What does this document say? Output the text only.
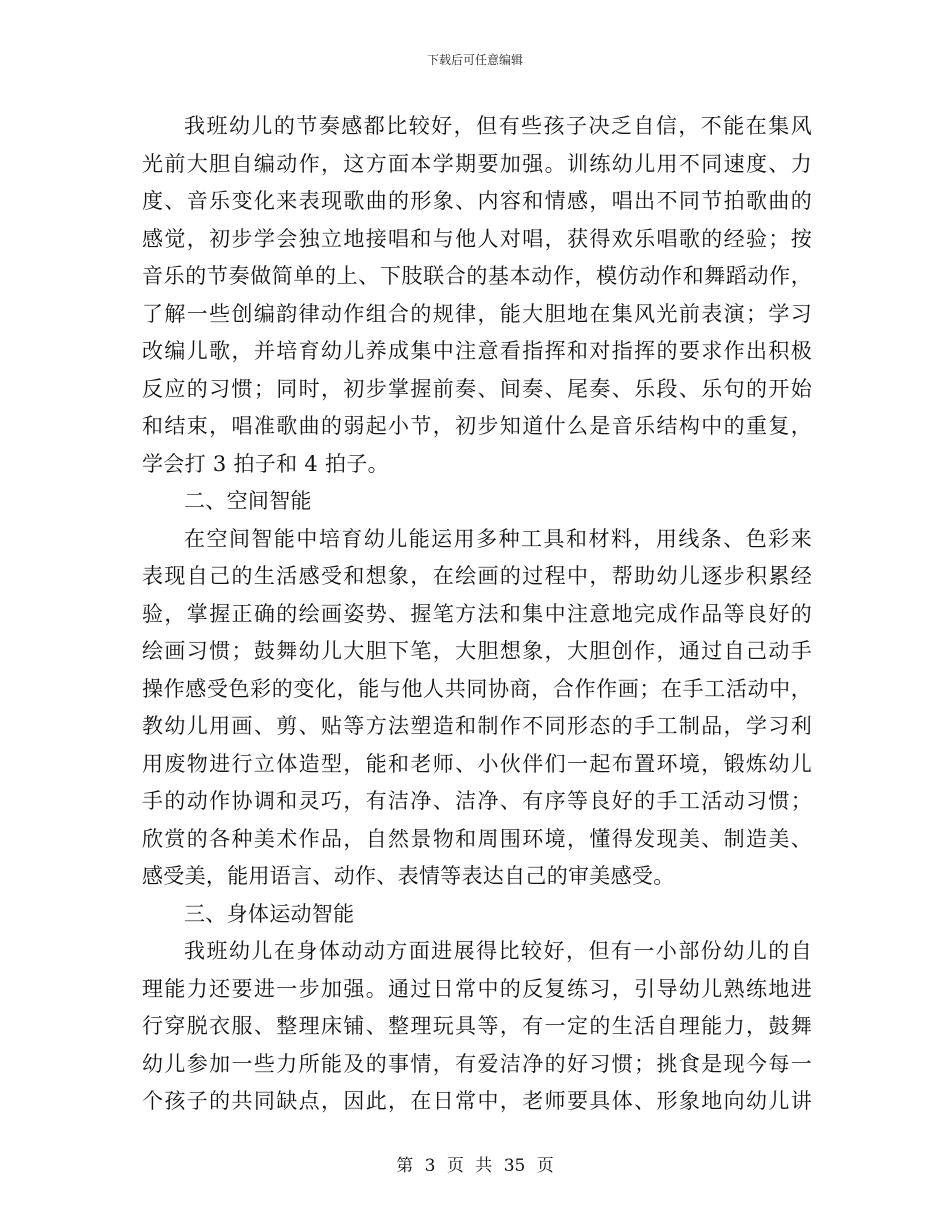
下载后可任意编辑
我班幼儿的节奏感都比较好，但有些孩子决乏自信，不能在集风
光前大胆自编动作，这方面本学期要加强。训练幼儿用不同速度、力
度、音乐变化来表现歌曲的形象、内容和情感，唱出不同节拍歌曲的
感觉，初步学会独立地接唱和与他人对唱，获得欢乐唱歌的经验；按
音乐的节奏做简单的上、下肢联合的基本动作，模仿动作和舞蹈动作，
了解一些创编韵律动作组合的规律，能大胆地在集风光前表演；学习
改编儿歌，并培育幼儿养成集中注意看指挥和对指挥的要求作出积极
反应的习惯；同时，初步掌握前奏、间奏、尾奏、乐段、乐句的开始
和结束，唱准歌曲的弱起小节，初步知道什么是音乐结构中的重复，
学会打 3 拍子和 4 拍子。
二、空间智能
在空间智能中培育幼儿能运用多种工具和材料，用线条、色彩来
表现自己的生活感受和想象，在绘画的过程中，帮助幼儿逐步积累经
验，掌握正确的绘画姿势、握笔方法和集中注意地完成作品等良好的
绘画习惯；鼓舞幼儿大胆下笔，大胆想象，大胆创作，通过自己动手
操作感受色彩的变化，能与他人共同协商，合作作画；在手工活动中，
教幼儿用画、剪、贴等方法塑造和制作不同形态的手工制品，学习利
用废物进行立体造型，能和老师、小伙伴们一起布置环境，锻炼幼儿
手的动作协调和灵巧，有洁净、洁净、有序等良好的手工活动习惯；
欣赏的各种美术作品，自然景物和周围环境，懂得发现美、制造美、
感受美，能用语言、动作、表情等表达自己的审美感受。
三、身体运动智能
我班幼儿在身体动动方面进展得比较好，但有一小部份幼儿的自
理能力还要进一步加强。通过日常中的反复练习，引导幼儿熟练地进
行穿脱衣服、整理床铺、整理玩具等，有一定的生活自理能力，鼓舞
幼儿参加一些力所能及的事情，有爱洁净的好习惯；挑食是现今每一
个孩子的共同缺点，因此，在日常中，老师要具体、形象地向幼儿讲
第 3 页 共 35 页
